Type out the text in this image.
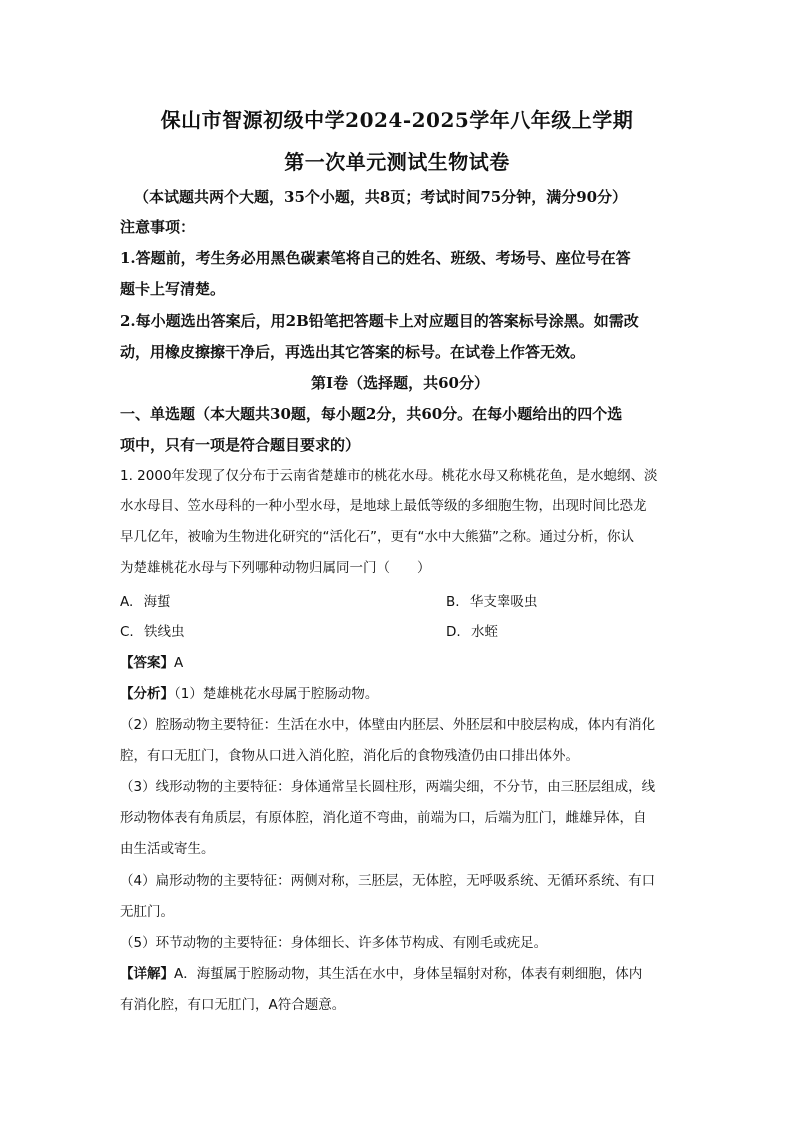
保山市智源初级中学2024-2025学年八年级上学期
第一次单元测试生物试卷
（本试题共两个大题，35个小题，共8页；考试时间75分钟，满分90分）
注意事项：
1.答题前，考生务必用黑色碳素笔将自己的姓名、班级、考场号、座位号在答
题卡上写清楚。
2.每小题选出答案后，用2B铅笔把答题卡上对应题目的答案标号涂黑。如需改
动，用橡皮擦擦干净后，再选出其它答案的标号。在试卷上作答无效。
第Ⅰ卷（选择题，共60分）
一、单选题（本大题共30题，每小题2分，共60分。在每小题给出的四个选
项中，只有一项是符合题目要求的）
1. 2000年发现了仅分布于云南省楚雄市的桃花水母。桃花水母又称桃花鱼，是水螅纲、淡
水水母目、笠水母科的一种小型水母，是地球上最低等级的多细胞生物，出现时间比恐龙
早几亿年，被喻为生物进化研究的“活化石”，更有“水中大熊猫”之称。通过分析，你认
为楚雄桃花水母与下列哪种动物归属同一门（　　）
A. 海蜇	B. 华支睾吸虫
C. 铁线虫	D. 水蛭
【答案】A
【分析】（1）楚雄桃花水母属于腔肠动物。
（2）腔肠动物主要特征：生活在水中，体壁由内胚层、外胚层和中胶层构成，体内有消化
腔，有口无肛门，食物从口进入消化腔，消化后的食物残渣仍由口排出体外。
（3）线形动物的主要特征：身体通常呈长圆柱形，两端尖细，不分节，由三胚层组成，线
形动物体表有角质层，有原体腔，消化道不弯曲，前端为口，后端为肛门，雌雄异体，自
由生活或寄生。
（4）扁形动物的主要特征：两侧对称，三胚层，无体腔，无呼吸系统、无循环系统、有口
无肛门。
（5）环节动物的主要特征：身体细长、许多体节构成、有刚毛或疣足。
【详解】A．海蜇属于腔肠动物，其生活在水中，身体呈辐射对称，体表有刺细胞，体内
有消化腔，有口无肛门，A符合题意。
